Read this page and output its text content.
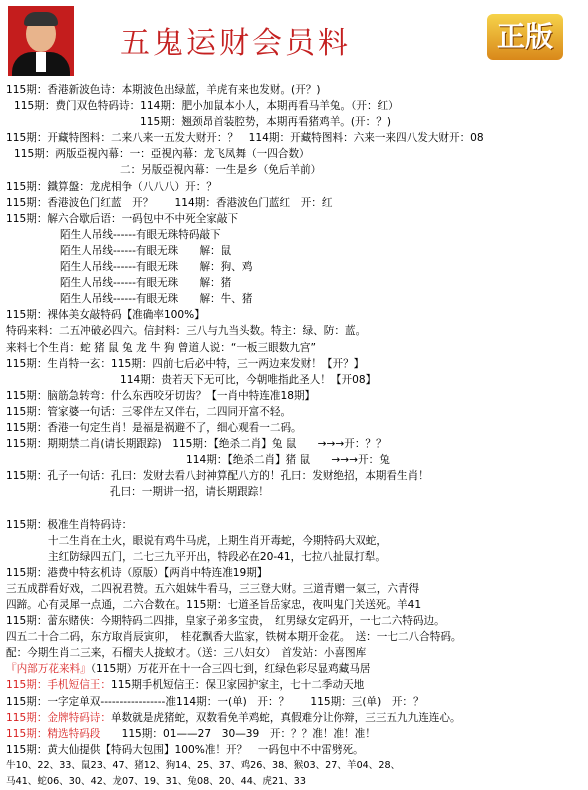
五鬼运财会员料	正版
115期：香港新波色诗：本期波色出绿蓝，羊虎有来也发财。(开？)
115期：费门双色特码诗：114期：肥小加鼠本小人，本期再看马羊兔。（开：红）
115期：翘颈昂首装腔势，本期再看猪鸡羊。(开：？)
115期：开藏特图料：二来八来一五发大财开：？　114期：开藏特图料：六来一来四八发大财开：08
115期：两版亞視內幕：一：亞視內幕：龙飞凤舞（一四合数）
二：另版亞視內幕：一生是乡（免后羊前）
115期：鐵算盤：龙虎相争（八八八）开：？
115期：香港波色门红蓝　开？　　114期：香港波色门蓝红　开：红
115期：解六合歇后语：一码包中不中死全家敲下
陌生人吊线------有眼无珠特码敲下
陌生人吊线------有眼无珠　　解：鼠
陌生人吊线------有眼无珠　　解：狗、鸡
陌生人吊线------有眼无珠　　解：猪
陌生人吊线------有眼无珠　　解：牛、猪
115期：裸体美女敲特码【准确率100%】
特码来料：二五冲破必四六。信封料：三八与九当头数。特主：绿、防：蓝。
来料七个生肖：蛇 猪 鼠 兔 龙 牛 狗 曾道人说：“一板三眼数九宫”
115期：生肖特一玄：115期：四前七后必中特，三一两边来发财！【开？】
114期：贵若天下无可比，今朝唯指此圣人！【开08】
115期：脑筋急转弯：什么东西咬牙切齿？【一肖中特连准18期】
115期：管家婆一句话：三零伴左又伴右，二四同开富不轻。
115期：香港一句定生肖！是福是祸避不了，细心观看一二码。
115期：期期禁二肖(请长期跟踪)　115期：【绝杀二肖】兔 鼠　　→→→开：？？
114期：【绝杀二肖】猪 鼠　　→→→开：兔
115期：孔子一句话：孔曰：发财去看八封神算配八方的！孔曰：发财绝招，本期看生肖！
孔曰：一期讲一招，请长期跟踪！
115期：极准生肖特码诗：
十二生肖在土火，眼说有鸡牛马虎，上期生肖开毒蛇，今期特码大双蛇，
主红防绿四五门，二七三九平开出，特段必在20-41，七拉八扯鼠打犁。
115期：港费中特玄机诗（原版）【两肖中特连准19期】
三五成群看好戏，二四祝君赞。五六姐妹牛看马，三三登大财。三道青赠一氣三，六青得
四蹄。心有灵犀一点通，二六合数在。115期：七道圣旨岳家忠，夜叫鬼门关送死。羊41
115期：蕾东赌侠：今期特码二四排，皇家子弟多宝贵，　红男绿女定码开，一七二六特码边。
四五二十合二码，东方取肖辰寅卯，　桂花飘香大监家，铁树本期开金花。　送：一七二八合特码。
配：今期生肖二三来，石榴夫人拢蚁才。（送：三八妇女）　首发站：小喜图库
『内部万花来料』（115期）万花开在十一合三四七到，红绿色彩尽显鸡藏马居
115期：手机短信王：115期手机短信王：保卫家园护家主，七十二季动天地
115期：一字定单双-----------------准114期：一(单)　开：？　　115期：三(单)　开：？
115期：金牌特码诗：单数就是虎猪蛇，双数看免羊鸡蛇，真假难分让你辩，三三五九九连连心。
115期：精选特码段　　115期：01——27　30—39　开：？？准！准！准！
115期：黄大仙提供【特码大包围】100%准！开？　一码包中不中雷劈死。
牛10、22、33、鼠23、47、猪12、狗14、25、37、鸡26、38、猴03、27、羊04、28、
马41、蛇06、30、42、龙07、19、31、兔08、20、44、虎21、33
